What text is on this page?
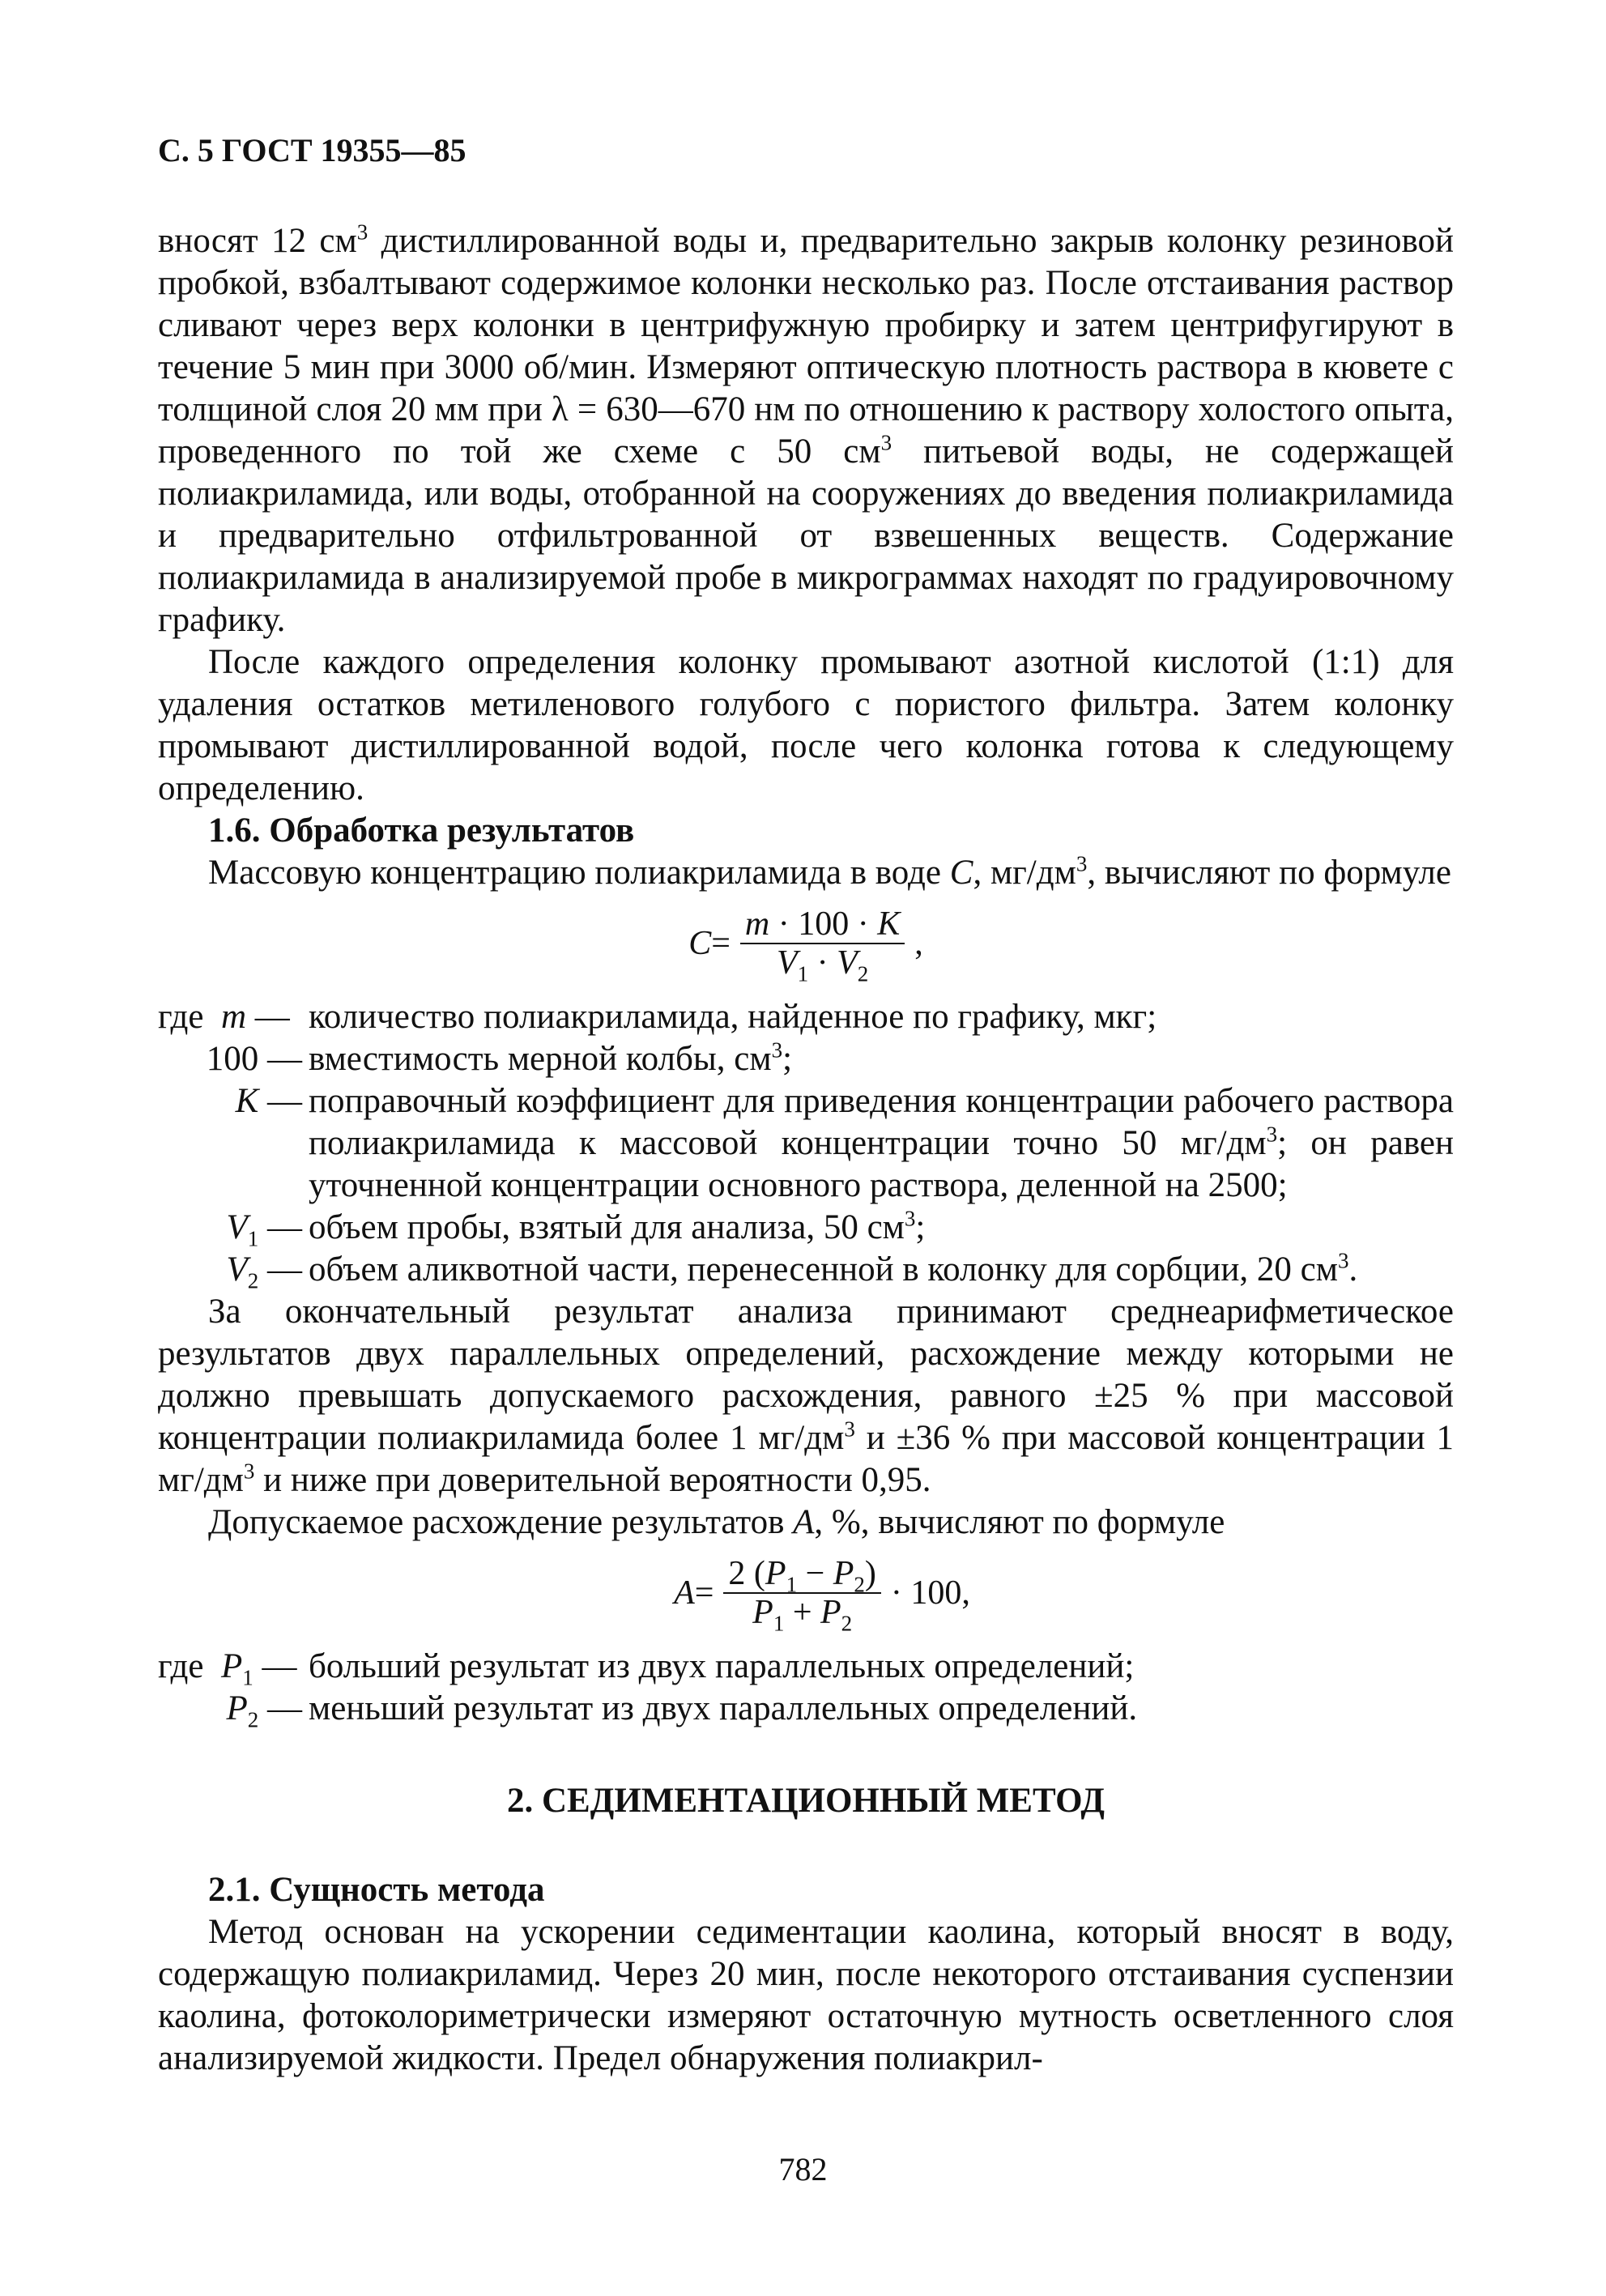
С. 5 ГОСТ 19355—85

вносят 12 $см^3$ дистиллированной воды и, предварительно закрыв колонку резиновой пробкой, взбалтывают содержимое колонки несколько раз. После отстаивания раствор сливают через верх колонки в центрифужную пробирку и затем центрифугируют в течение 5 мин при 3000 об/мин. Измеряют оптическую плотность раствора в кювете с толщиной слоя 20 мм при λ = 630—670 нм по отношению к раствору холостого опыта, проведенного по той же схеме с 50 $см^3$ питьевой воды, не содержащей полиакриламида, или воды, отобранной на сооружениях до введения полиакриламида и предварительно отфильтрованной от взвешенных веществ. Содержание полиакриламида в анализируемой пробе в микрограммах находят по градуировочному графику.

После каждого определения колонку промывают азотной кислотой (1:1) для удаления остатков метиленового голубого с пористого фильтра. Затем колонку промывают дистиллированной водой, после чего колонка готова к следующему определению.

1.6. Обработка результатов

Массовую концентрацию полиакриламида в воде C, $мг/дм^3$, вычисляют по формуле

$C = \frac{m \cdot 100 \cdot K}{V_1 \cdot V_2}$ ,
где m — количество полиакриламида, найденное по графику, мкг;
100 — вместимость мерной колбы, $см^3$;
K — поправочный коэффициент для приведения концентрации рабочего раствора полиакриламида к массовой концентрации точно 50 $мг/дм^3$; он равен уточненной концентрации основного раствора, деленной на 2500;
$V_1$ — объем пробы, взятый для анализа, 50 $см^3$;
$V_2$ — объем аликвотной части, перенесенной в колонку для сорбции, 20 $см^3$.

За окончательный результат анализа принимают среднеарифметическое результатов двух параллельных определений, расхождение между которыми не должно превышать допускаемого расхождения, равного ±25 % при массовой концентрации полиакриламида более 1 $мг/дм^3$ и ±36 % при массовой концентрации 1 $мг/дм^3$ и ниже при доверительной вероятности 0,95.

Допускаемое расхождение результатов A, %, вычисляют по формуле

$A = \frac{2 (P_1 - P_2)}{P_1 + P_2} \cdot 100$,
где $P_1$ — больший результат из двух параллельных определений;
$P_2$ — меньший результат из двух параллельных определений.
2. СЕДИМЕНТАЦИОННЫЙ МЕТОД
2.1. Сущность метода

Метод основан на ускорении седиментации каолина, который вносят в воду, содержащую полиакриламид. Через 20 мин, после некоторого отстаивания суспензии каолина, фотоколориметрически измеряют остаточную мутность осветленного слоя анализируемой жидкости. Предел обнаружения полиакрил-

782
